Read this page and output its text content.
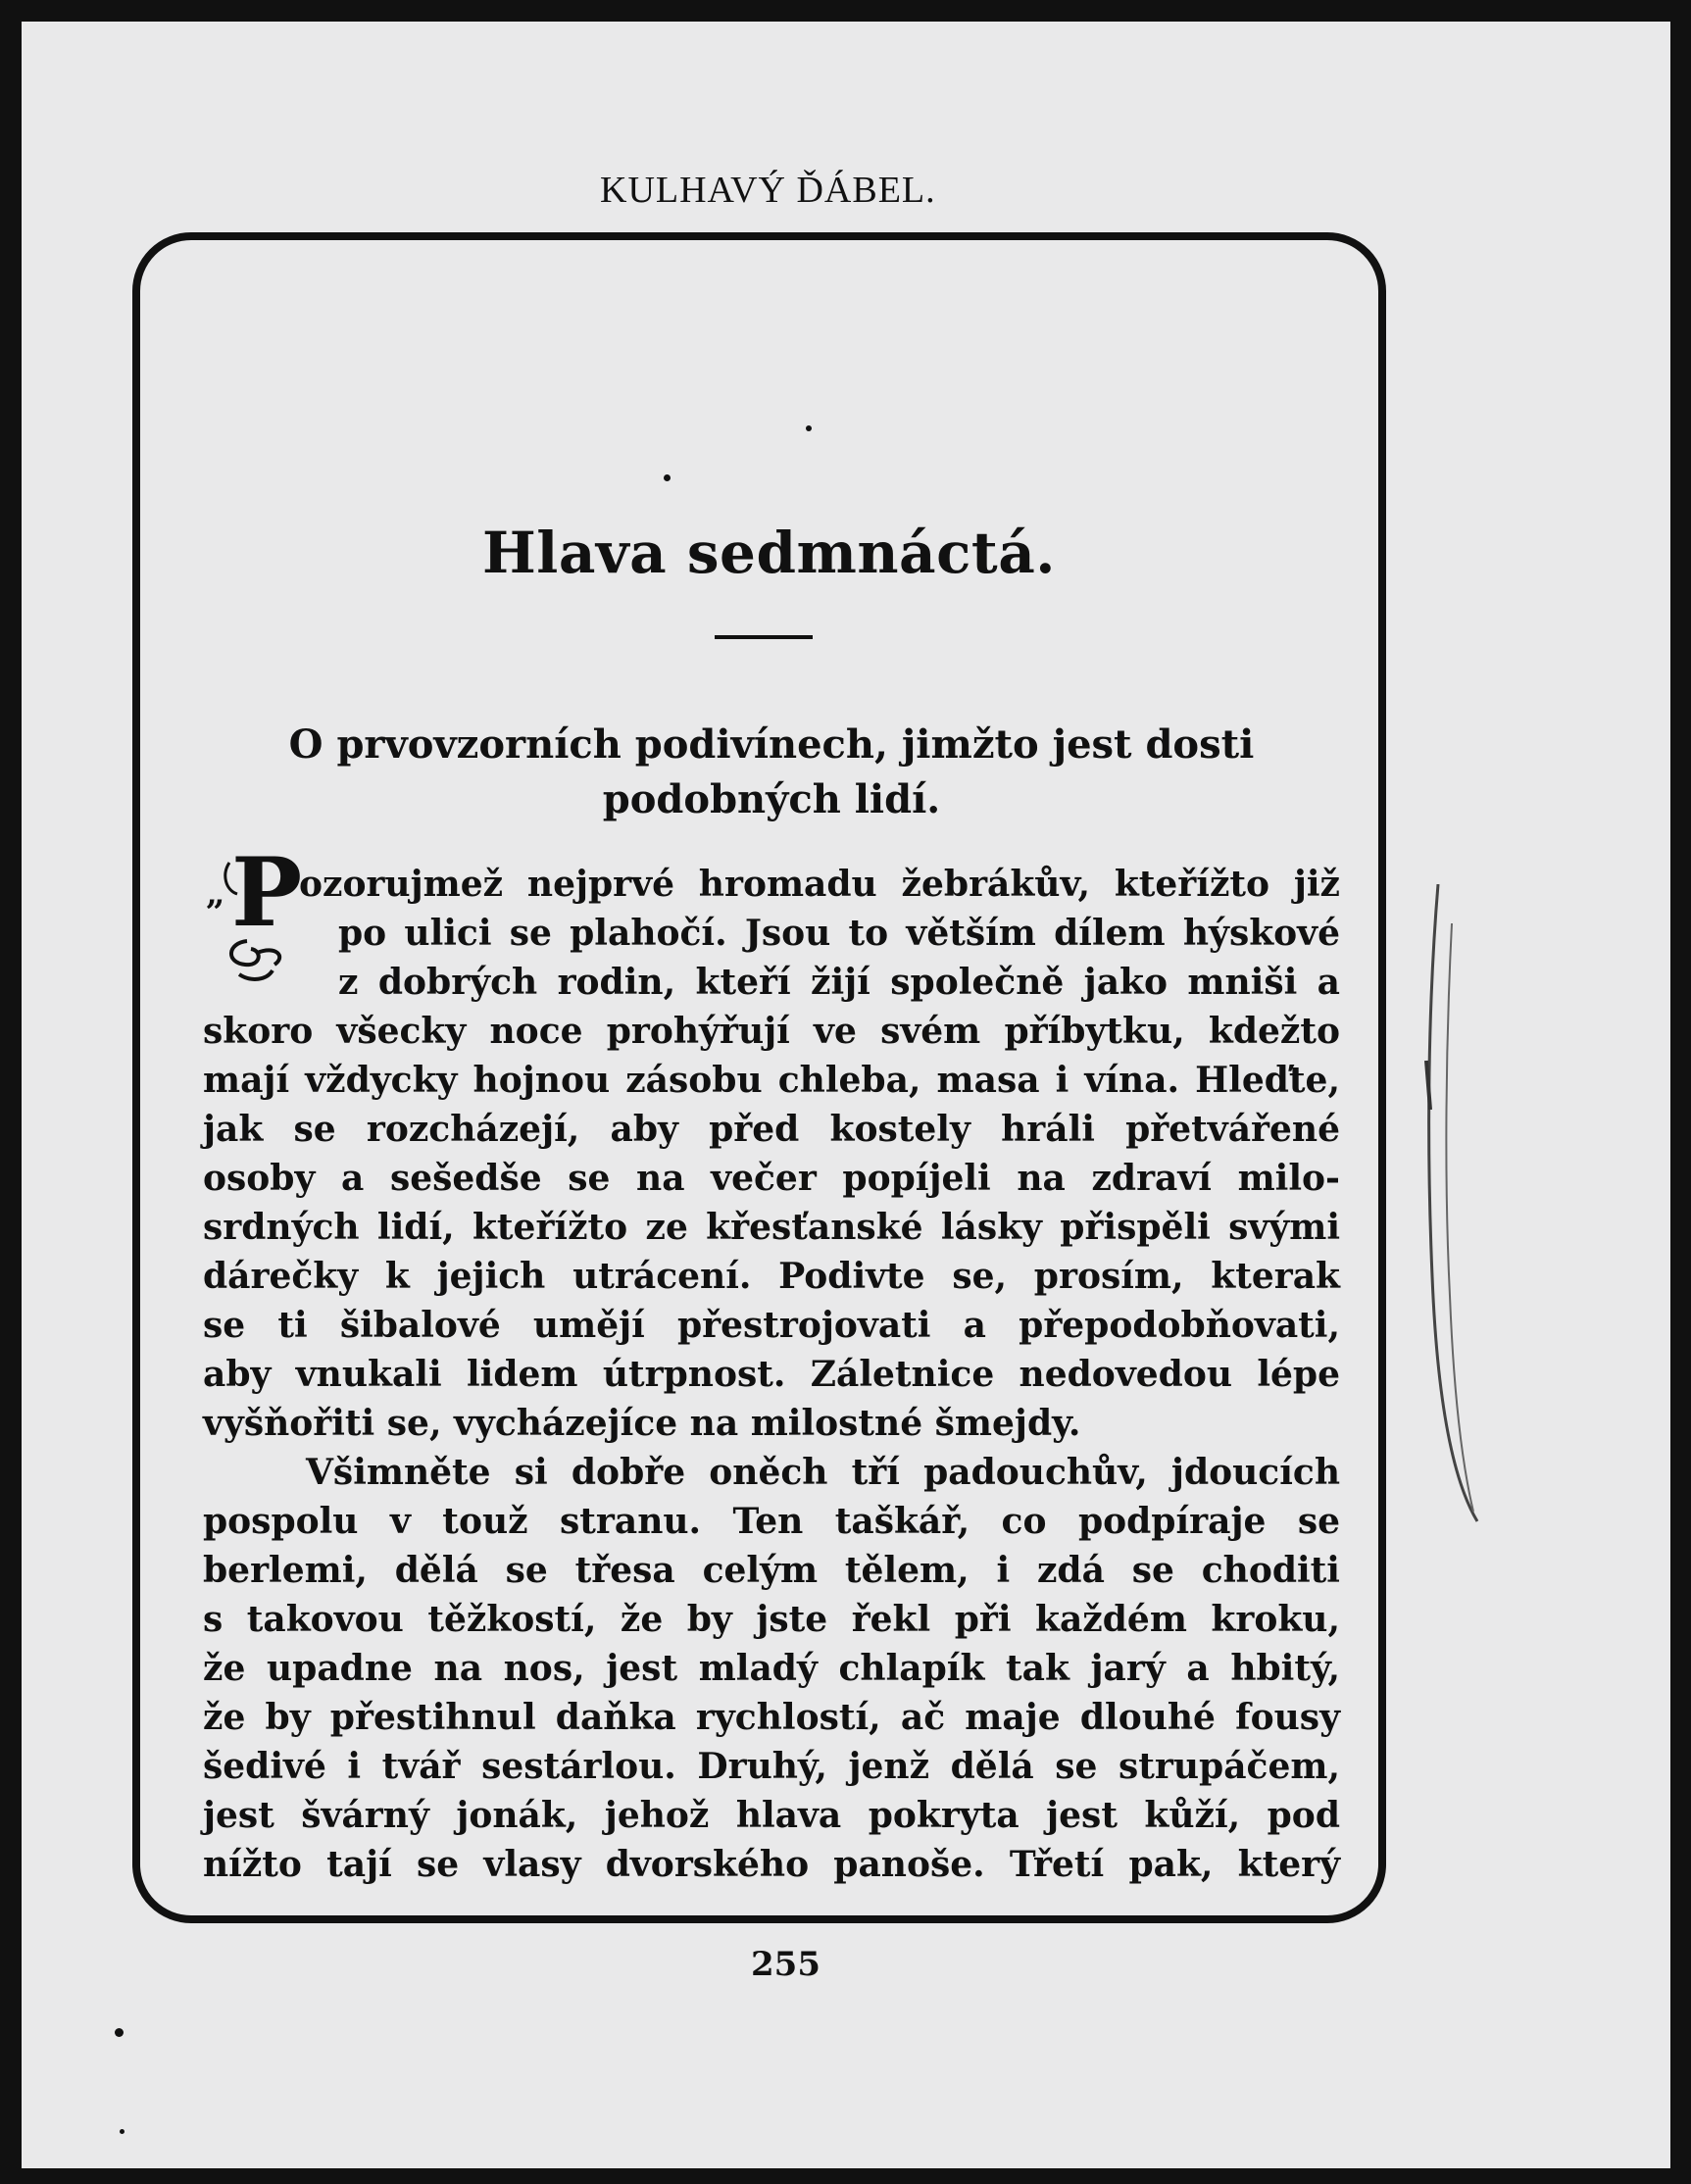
KULHAVÝ ĎÁBEL.
Hlava sedmnáctá.
O prvovzorních podivínech, jimžto jest dosti podobných lidí.
„ P
ozorujmež nejprvé hromadu žebrákův, kteřížto již
po ulici se plahočí. Jsou to větším dílem hýskové
z dobrých rodin, kteří žijí společně jako mniši a
skoro všecky noce prohýřují ve svém příbytku, kdežto
mají vždycky hojnou zásobu chleba, masa i vína. Hleďte,
jak se rozcházejí, aby před kostely hráli přetvářené
osoby a sešedše se na večer popíjeli na zdraví milo-
srdných lidí, kteřížto ze křesťanské lásky přispěli svými
dárečky k jejich utrácení. Podivte se, prosím, kterak
se ti šibalové umějí přestrojovati a přepodobňovati,
aby vnukali lidem útrpnost. Záletnice nedovedou lépe
vyšňořiti se, vycházejíce na milostné šmejdy.
Všimněte si dobře oněch tří padouchův, jdoucích
pospolu v touž stranu. Ten taškář, co podpíraje se
berlemi, dělá se třesa celým tělem, i zdá se choditi
s takovou těžkostí, že by jste řekl při každém kroku,
že upadne na nos, jest mladý chlapík tak jarý a hbitý,
že by přestihnul daňka rychlostí, ač maje dlouhé fousy
šedivé i tvář sestárlou. Druhý, jenž dělá se strupáčem,
jest švárný jonák, jehož hlava pokryta jest kůží, pod
nížto tají se vlasy dvorského panoše. Třetí pak, který
255
